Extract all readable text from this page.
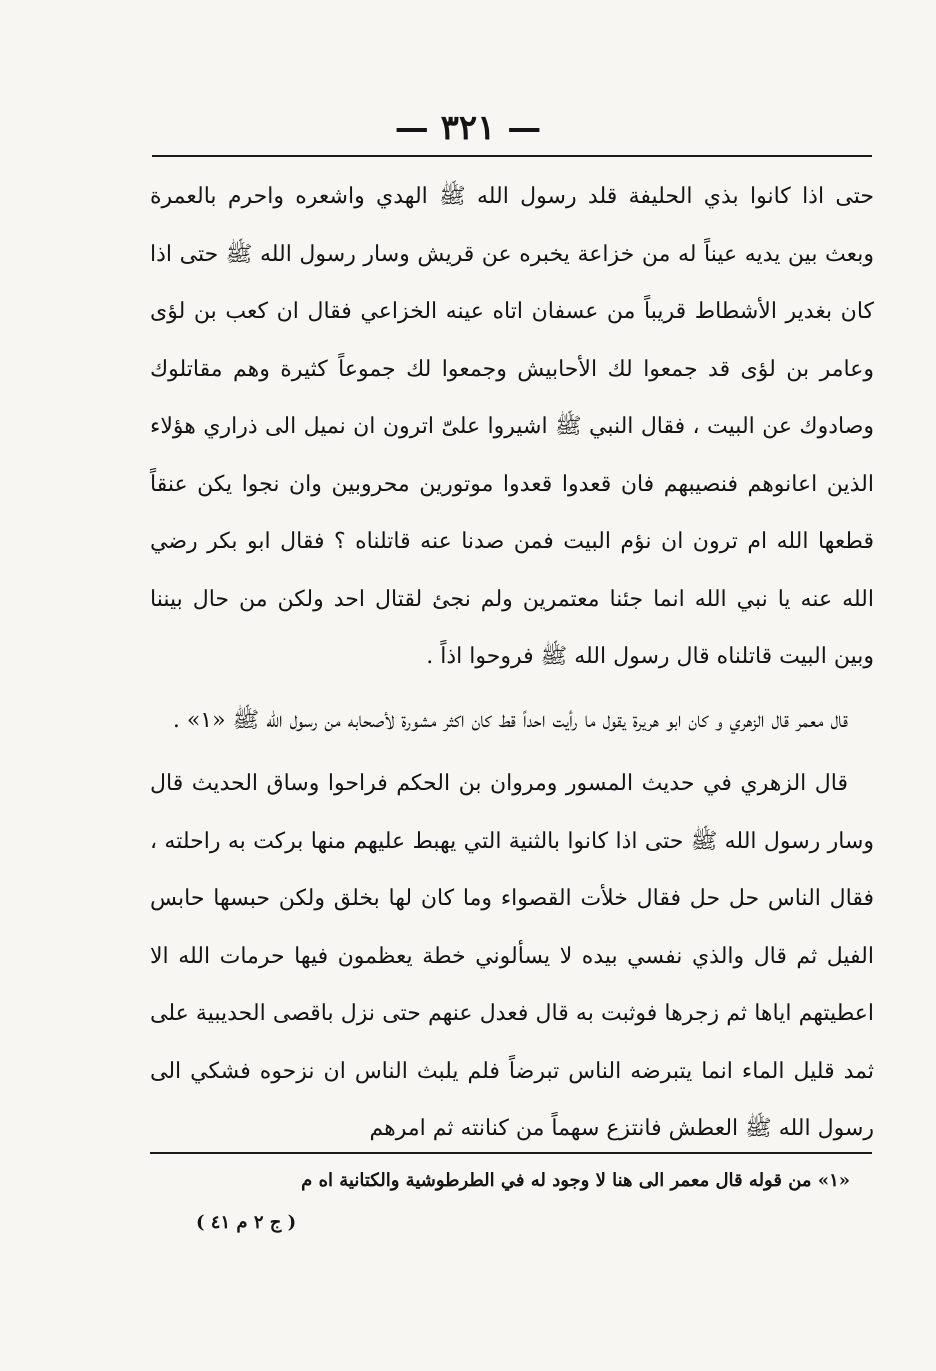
— ٣٢١ —

حتى اذا كانوا بذي الحليفة قلد رسول الله ﷺ الهدي واشعره واحرم بالعمرة وبعث بين يديه عيناً له من خزاعة يخبره عن قريش وسار رسول الله ﷺ حتى اذا كان بغدير الأشطاط قريباً من عسفان اتاه عينه الخزاعي فقال ان كعب بن لؤى وعامر بن لؤى قد جمعوا لك الأحابيش وجمعوا لك جموعاً كثيرة وهم مقاتلوك وصادوك عن البيت ، فقال النبي ﷺ اشيروا علىّ اترون ان نميل الى ذراري هؤلاء الذين اعانوهم فنصيبهم فان قعدوا قعدوا موتورين محروبين وان نجوا يكن عنقاً قطعها الله ام ترون ان نؤم البيت فمن صدنا عنه قاتلناه ؟ فقال ابو بكر رضي الله عنه يا نبي الله انما جئنا معتمرين ولم نجئ لقتال احد ولكن من حال بيننا وبين البيت قاتلناه قال رسول الله ﷺ فروحوا اذاً .

قال معمر قال الزهري و كان ابو هريرة يقول ما رأيت احداً قط كان اكثر مشورة لأصحابه من رسول الله ﷺ «١» .

قال الزهري في حديث المسور ومروان بن الحكم فراحوا وساق الحديث قال وسار رسول الله ﷺ حتى اذا كانوا بالثنية التي يهبط عليهم منها بركت به راحلته ، فقال الناس حل حل فقال خلأت القصواء وما كان لها بخلق ولكن حبسها حابس الفيل ثم قال والذي نفسي بيده لا يسألوني خطة يعظمون فيها حرمات الله الا اعطيتهم اياها ثم زجرها فوثبت به قال فعدل عنهم حتى نزل باقصى الحديبية على ثمد قليل الماء انما يتبرضه الناس تبرضاً فلم يلبث الناس ان نزحوه فشكي الى رسول الله ﷺ العطش فانتزع سهماً من كنانته ثم امرهم

«١» من قوله قال معمر الى هنا لا وجود له في الطرطوشية والكتانية اه م
( ج ٢ م ٤١ )
